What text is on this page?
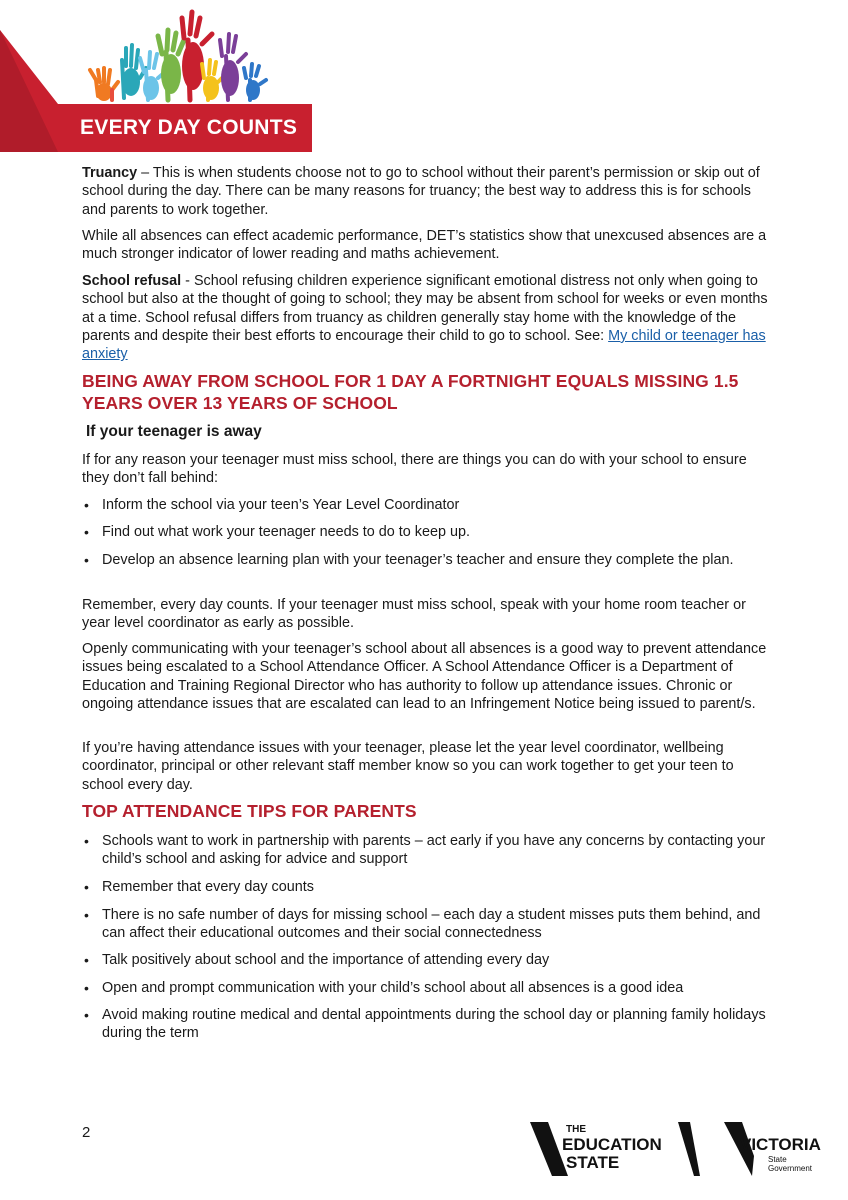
EVERY DAY COUNTS

Truancy – This is when students choose not to go to school without their parent’s permission or skip out of school during the day. There can be many reasons for truancy; the best way to address this is for schools and parents to work together.

While all absences can effect academic performance, DET’s statistics show that unexcused absences are a much stronger indicator of lower reading and maths achievement.

School refusal - School refusing children experience significant emotional distress not only when going to school but also at the thought of going to school; they may be absent from school for weeks or even months at a time. School refusal differs from truancy as children generally stay home with the knowledge of the parents and despite their best efforts to encourage their child to go to school. See: My child or teenager has anxiety

BEING AWAY FROM SCHOOL FOR 1 DAY A FORTNIGHT EQUALS MISSING 1.5 YEARS OVER 13 YEARS OF SCHOOL
If your teenager is away

If for any reason your teenager must miss school, there are things you can do with your school to ensure they don’t fall behind:

• Inform the school via your teen’s Year Level Coordinator

• Find out what work your teenager needs to do to keep up.

• Develop an absence learning plan with your teenager’s teacher and ensure they complete the plan.

Remember, every day counts. If your teenager must miss school, speak with your home room teacher or year level coordinator as early as possible.

Openly communicating with your teenager’s school about all absences is a good way to prevent attendance issues being escalated to a School Attendance Officer. A School Attendance Officer is a Department of Education and Training Regional Director who has authority to follow up attendance issues. Chronic or ongoing attendance issues that are escalated can lead to an Infringement Notice being issued to parent/s.

If you’re having attendance issues with your teenager, please let the year level coordinator, wellbeing coordinator, principal or other relevant staff member know so you can work together to get your teen to school every day.

TOP ATTENDANCE TIPS FOR PARENTS

• Schools want to work in partnership with parents – act early if you have any concerns by contacting your child’s school and asking for advice and support

• Remember that every day counts

• There is no safe number of days for missing school – each day a student misses puts them behind, and can affect their educational outcomes and their social connectedness

• Talk positively about school and the importance of attending every day

• Open and prompt communication with your child’s school about all absences is a good idea

• Avoid making routine medical and dental appointments during the school day or planning family holidays during the term

2	THE
EDUCATION
STATE
VICTORIA
State
Government
